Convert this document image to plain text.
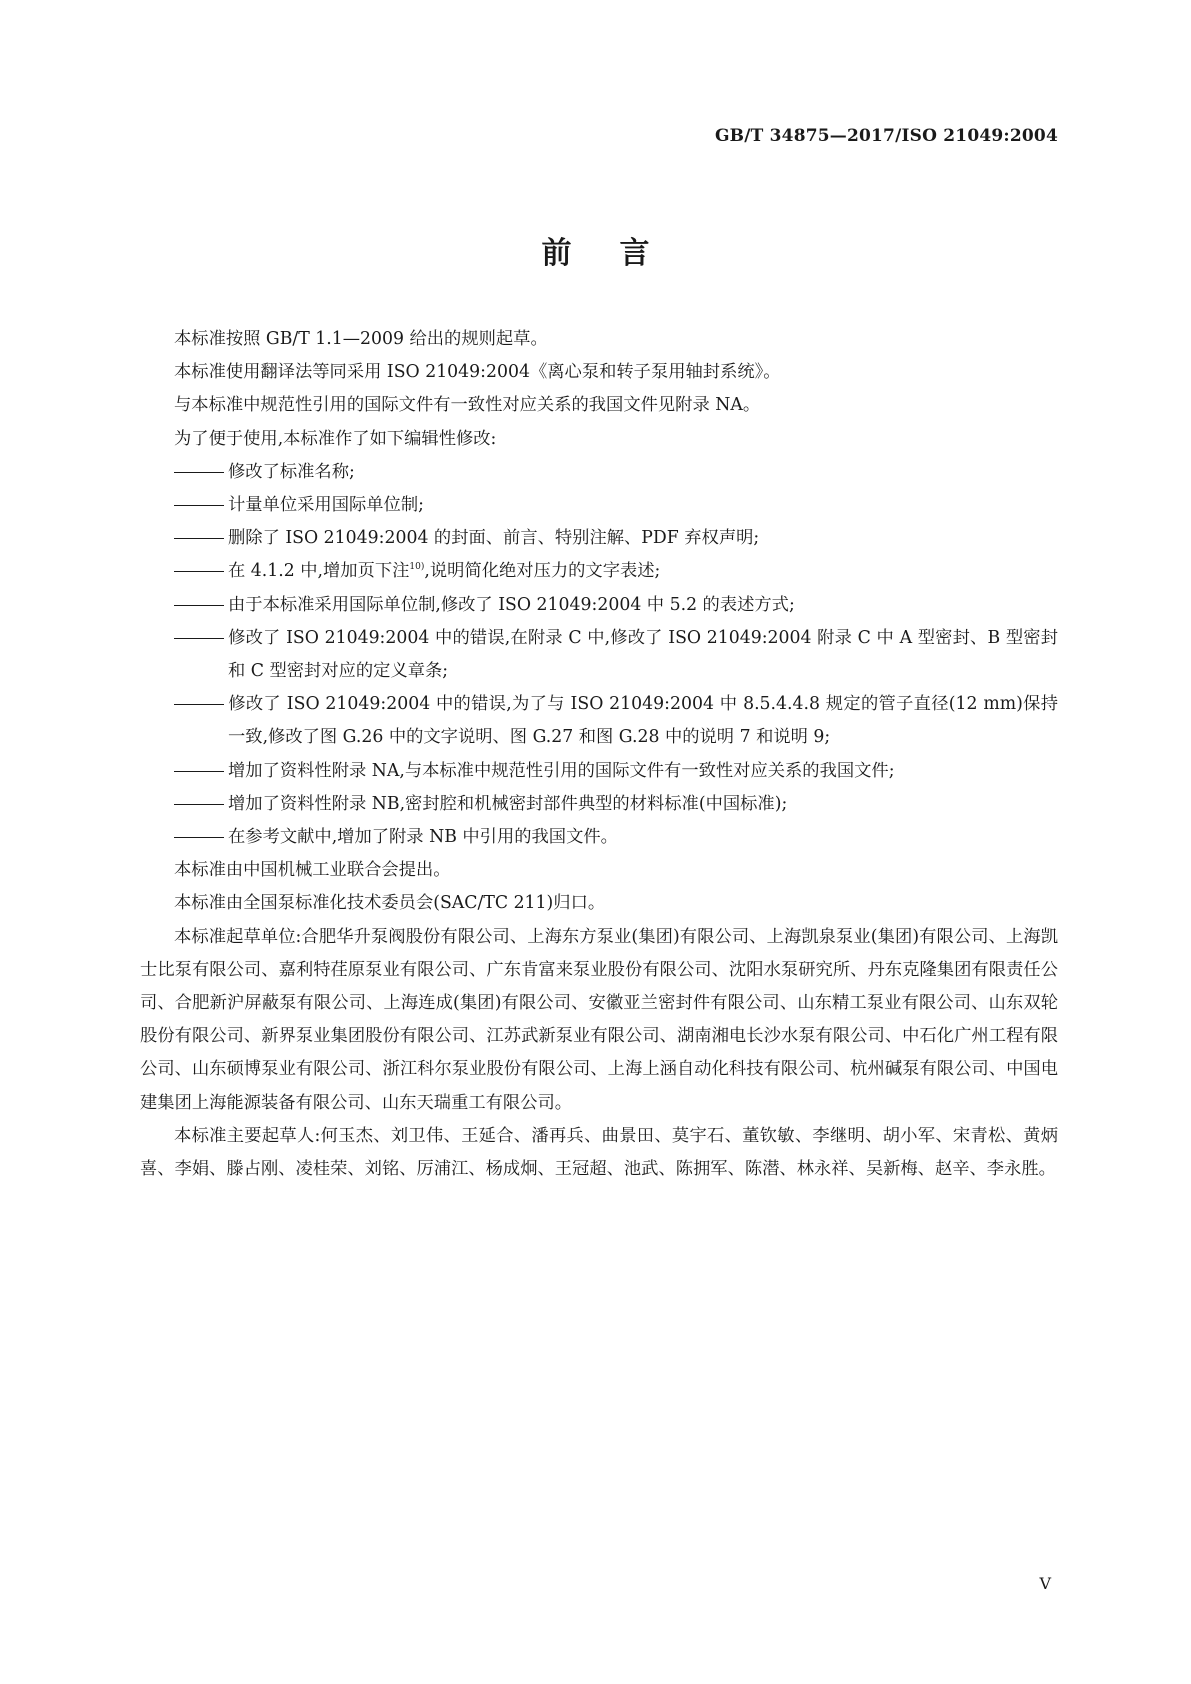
GB/T 34875—2017/ISO 21049:2004
前言

本标准按照 GB/T 1.1—2009 给出的规则起草。

本标准使用翻译法等同采用 ISO 21049:2004《离心泵和转子泵用轴封系统》。

与本标准中规范性引用的国际文件有一致性对应关系的我国文件见附录 NA。

为了便于使用,本标准作了如下编辑性修改:

修改了标准名称;

计量单位采用国际单位制;

删除了 ISO 21049:2004 的封面、前言、特别注解、PDF 弃权声明;

在 4.1.2 中,增加页下注$^{10)}$,说明简化绝对压力的文字表述;

由于本标准采用国际单位制,修改了 ISO 21049:2004 中 5.2 的表述方式;

修改了 ISO 21049:2004 中的错误,在附录 C 中,修改了 ISO 21049:2004 附录 C 中 A 型密封、B 型密封和 C 型密封对应的定义章条;

修改了 ISO 21049:2004 中的错误,为了与 ISO 21049:2004 中 8.5.4.4.8 规定的管子直径(12 mm)保持一致,修改了图 G.26 中的文字说明、图 G.27 和图 G.28 中的说明 7 和说明 9;

增加了资料性附录 NA,与本标准中规范性引用的国际文件有一致性对应关系的我国文件;

增加了资料性附录 NB,密封腔和机械密封部件典型的材料标准(中国标准);

在参考文献中,增加了附录 NB 中引用的我国文件。

本标准由中国机械工业联合会提出。

本标准由全国泵标准化技术委员会(SAC/TC 211)归口。

本标准起草单位:合肥华升泵阀股份有限公司、上海东方泵业(集团)有限公司、上海凯泉泵业(集团)有限公司、上海凯士比泵有限公司、嘉利特荏原泵业有限公司、广东肯富来泵业股份有限公司、沈阳水泵研究所、丹东克隆集团有限责任公司、合肥新沪屏蔽泵有限公司、上海连成(集团)有限公司、安徽亚兰密封件有限公司、山东精工泵业有限公司、山东双轮股份有限公司、新界泵业集团股份有限公司、江苏武新泵业有限公司、湖南湘电长沙水泵有限公司、中石化广州工程有限公司、山东硕博泵业有限公司、浙江科尔泵业股份有限公司、上海上涵自动化科技有限公司、杭州碱泵有限公司、中国电建集团上海能源装备有限公司、山东天瑞重工有限公司。

本标准主要起草人:何玉杰、刘卫伟、王延合、潘再兵、曲景田、莫宇石、董钦敏、李继明、胡小军、宋青松、黄炳喜、李娟、滕占刚、凌桂荣、刘铭、厉浦江、杨成炯、王冠超、池武、陈拥军、陈潜、林永祥、吴新梅、赵辛、李永胜。

V
